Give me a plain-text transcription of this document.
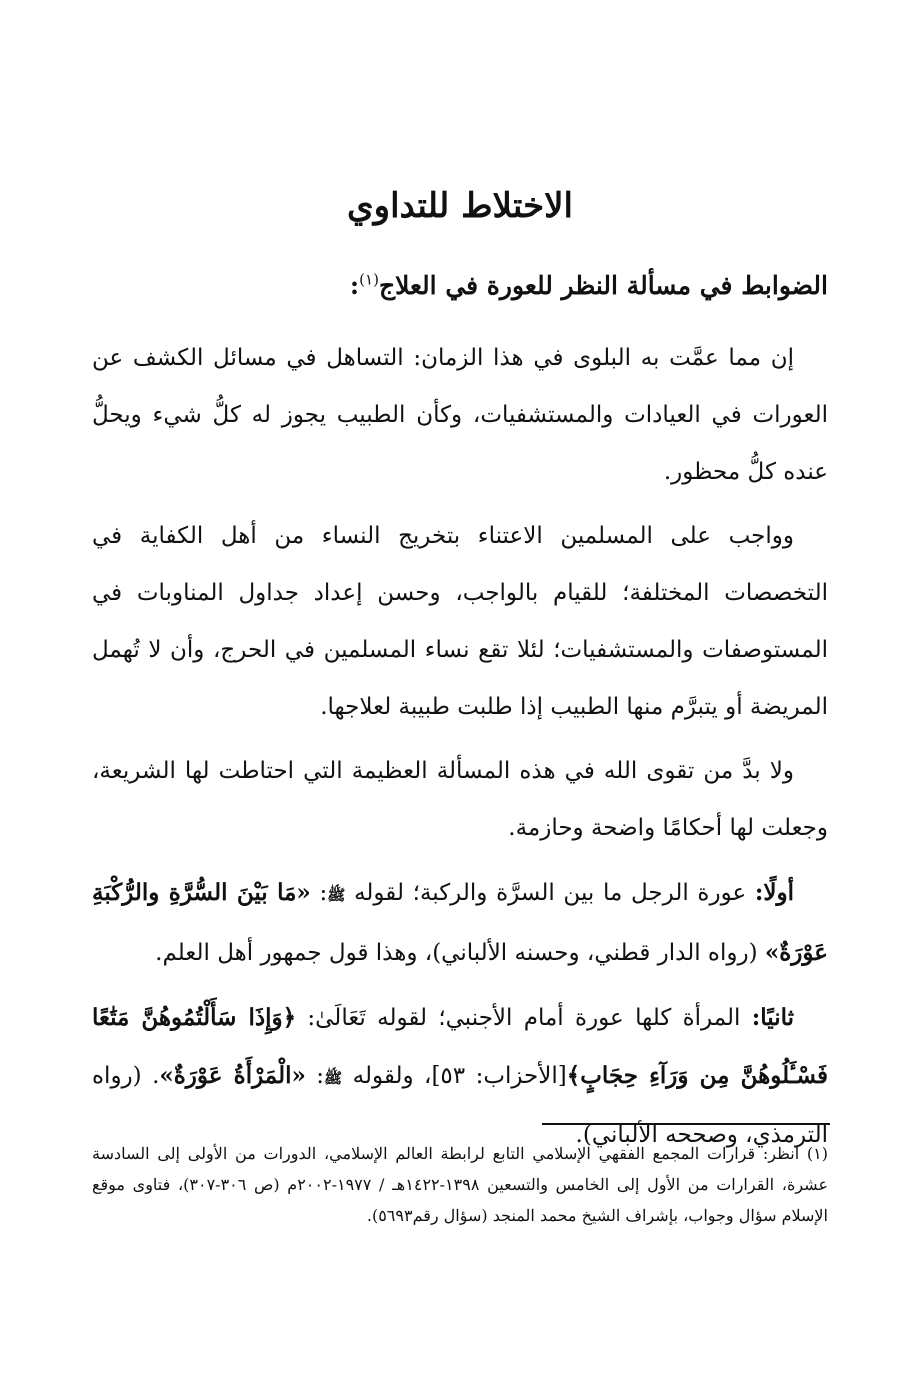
الاختلاط للتداوي
الضوابط في مسألة النظر للعورة في العلاج$^{(١)}$:

إن مما عمَّت به البلوى في هذا الزمان: التساهل في مسائل الكشف عن العورات في العيادات والمستشفيات، وكأن الطبيب يجوز له كلُّ شيء ويحلُّ عنده كلُّ محظور.

وواجب على المسلمين الاعتناء بتخريج النساء من أهل الكفاية في التخصصات المختلفة؛ للقيام بالواجب، وحسن إعداد جداول المناوبات في المستوصفات والمستشفيات؛ لئلا تقع نساء المسلمين في الحرج، وأن لا تُهمل المريضة أو يتبرَّم منها الطبيب إذا طلبت طبيبة لعلاجها.

ولا بدَّ من تقوى الله في هذه المسألة العظيمة التي احتاطت لها الشريعة، وجعلت لها أحكامًا واضحة وحازمة.

أولًا: عورة الرجل ما بين السرَّة والركبة؛ لقوله ﷺ: «مَا بَيْنَ السُّرَّةِ والرُّكْبَةِ عَوْرَةٌ» (رواه الدار قطني، وحسنه الألباني)، وهذا قول جمهور أهل العلم.

ثانيًا: المرأة كلها عورة أمام الأجنبي؛ لقوله تَعَالَىٰ: ﴿وَإِذَا سَأَلْتُمُوهُنَّ مَتَٰعًا فَسْـَٔلُوهُنَّ مِن وَرَآءِ حِجَابٍ﴾[الأحزاب: ٥٣]، ولقوله ﷺ: «الْمَرْأَةُ عَوْرَةٌ». (رواه الترمذي، وصححه الألباني).

(١) انظر: قرارات المجمع الفقهي الإسلامي التابع لرابطة العالم الإسلامي، الدورات من الأولى إلى السادسة عشرة، القرارات من الأول إلى الخامس والتسعين ١٣٩٨-١٤٢٢هـ / ١٩٧٧-٢٠٠٢م (ص ٣٠٦-٣٠٧)، فتاوى موقع الإسلام سؤال وجواب، بإشراف الشيخ محمد المنجد (سؤال رقم٥٦٩٣).
